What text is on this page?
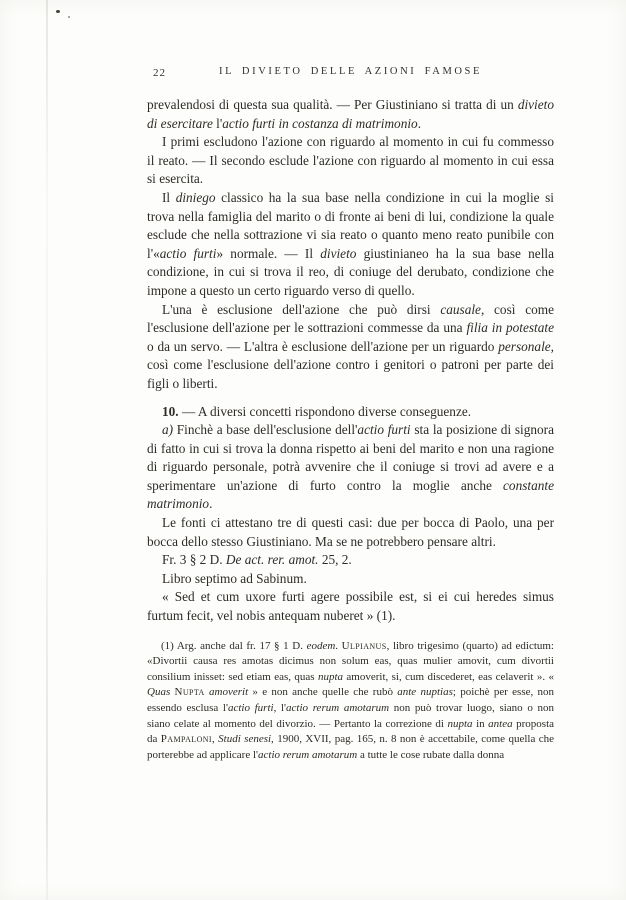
22	IL DIVIETO DELLE AZIONI FAMOSE

prevalendosi di questa sua qualità. — Per Giustiniano si tratta di un divieto di esercitare l'actio furti in costanza di matrimonio.

I primi escludono l'azione con riguardo al momento in cui fu commesso il reato. — Il secondo esclude l'azione con riguardo al momento in cui essa si esercita.

Il diniego classico ha la sua base nella condizione in cui la moglie si trova nella famiglia del marito o di fronte ai beni di lui, condizione la quale esclude che nella sottrazione vi sia reato o quanto meno reato punibile con l'«actio furti» normale. — Il divieto giustinianeo ha la sua base nella condizione, in cui si trova il reo, di coniuge del derubato, condizione che impone a questo un certo riguardo verso di quello.

L'una è esclusione dell'azione che può dirsi causale, così come l'esclusione dell'azione per le sottrazioni commesse da una filia in potestate o da un servo. — L'altra è esclusione dell'azione per un riguardo personale, così come l'esclusione dell'azione contro i genitori o patroni per parte dei figli o liberti.

10. — A diversi concetti rispondono diverse conseguenze.

a) Finchè a base dell'esclusione dell'actio furti sta la posizione di signora di fatto in cui si trova la donna rispetto ai beni del marito e non una ragione di riguardo personale, potrà avvenire che il coniuge si trovi ad avere e a sperimentare un'azione di furto contro la moglie anche constante matrimonio.

Le fonti ci attestano tre di questi casi: due per bocca di Paolo, una per bocca dello stesso Giustiniano. Ma se ne potrebbero pensare altri.

Fr. 3 § 2 D. De act. rer. amot. 25, 2.

Libro septimo ad Sabinum.

« Sed et cum uxore furti agere possibile est, si ei cui heredes simus furtum fecit, vel nobis antequam nuberet » (1).

(1) Arg. anche dal fr. 17 § 1 D. eodem. Ulpianus, libro trigesimo (quarto) ad edictum: «Divortii causa res amotas dicimus non solum eas, quas mulier amovit, cum divortii consilium inisset: sed etiam eas, quas nupta amoverit, si, cum discederet, eas celaverit ». « Quas Nupta amoverit » e non anche quelle che rubò ante nuptias; poichè per esse, non essendo esclusa l'actio furti, l'actio rerum amotarum non può trovar luogo, siano o non siano celate al momento del divorzio. — Pertanto la correzione di nupta in antea proposta da Pampaloni, Studi senesi, 1900, XVII, pag. 165, n. 8 non è accettabile, come quella che porterebbe ad applicare l'actio rerum amotarum a tutte le cose rubate dalla donna
